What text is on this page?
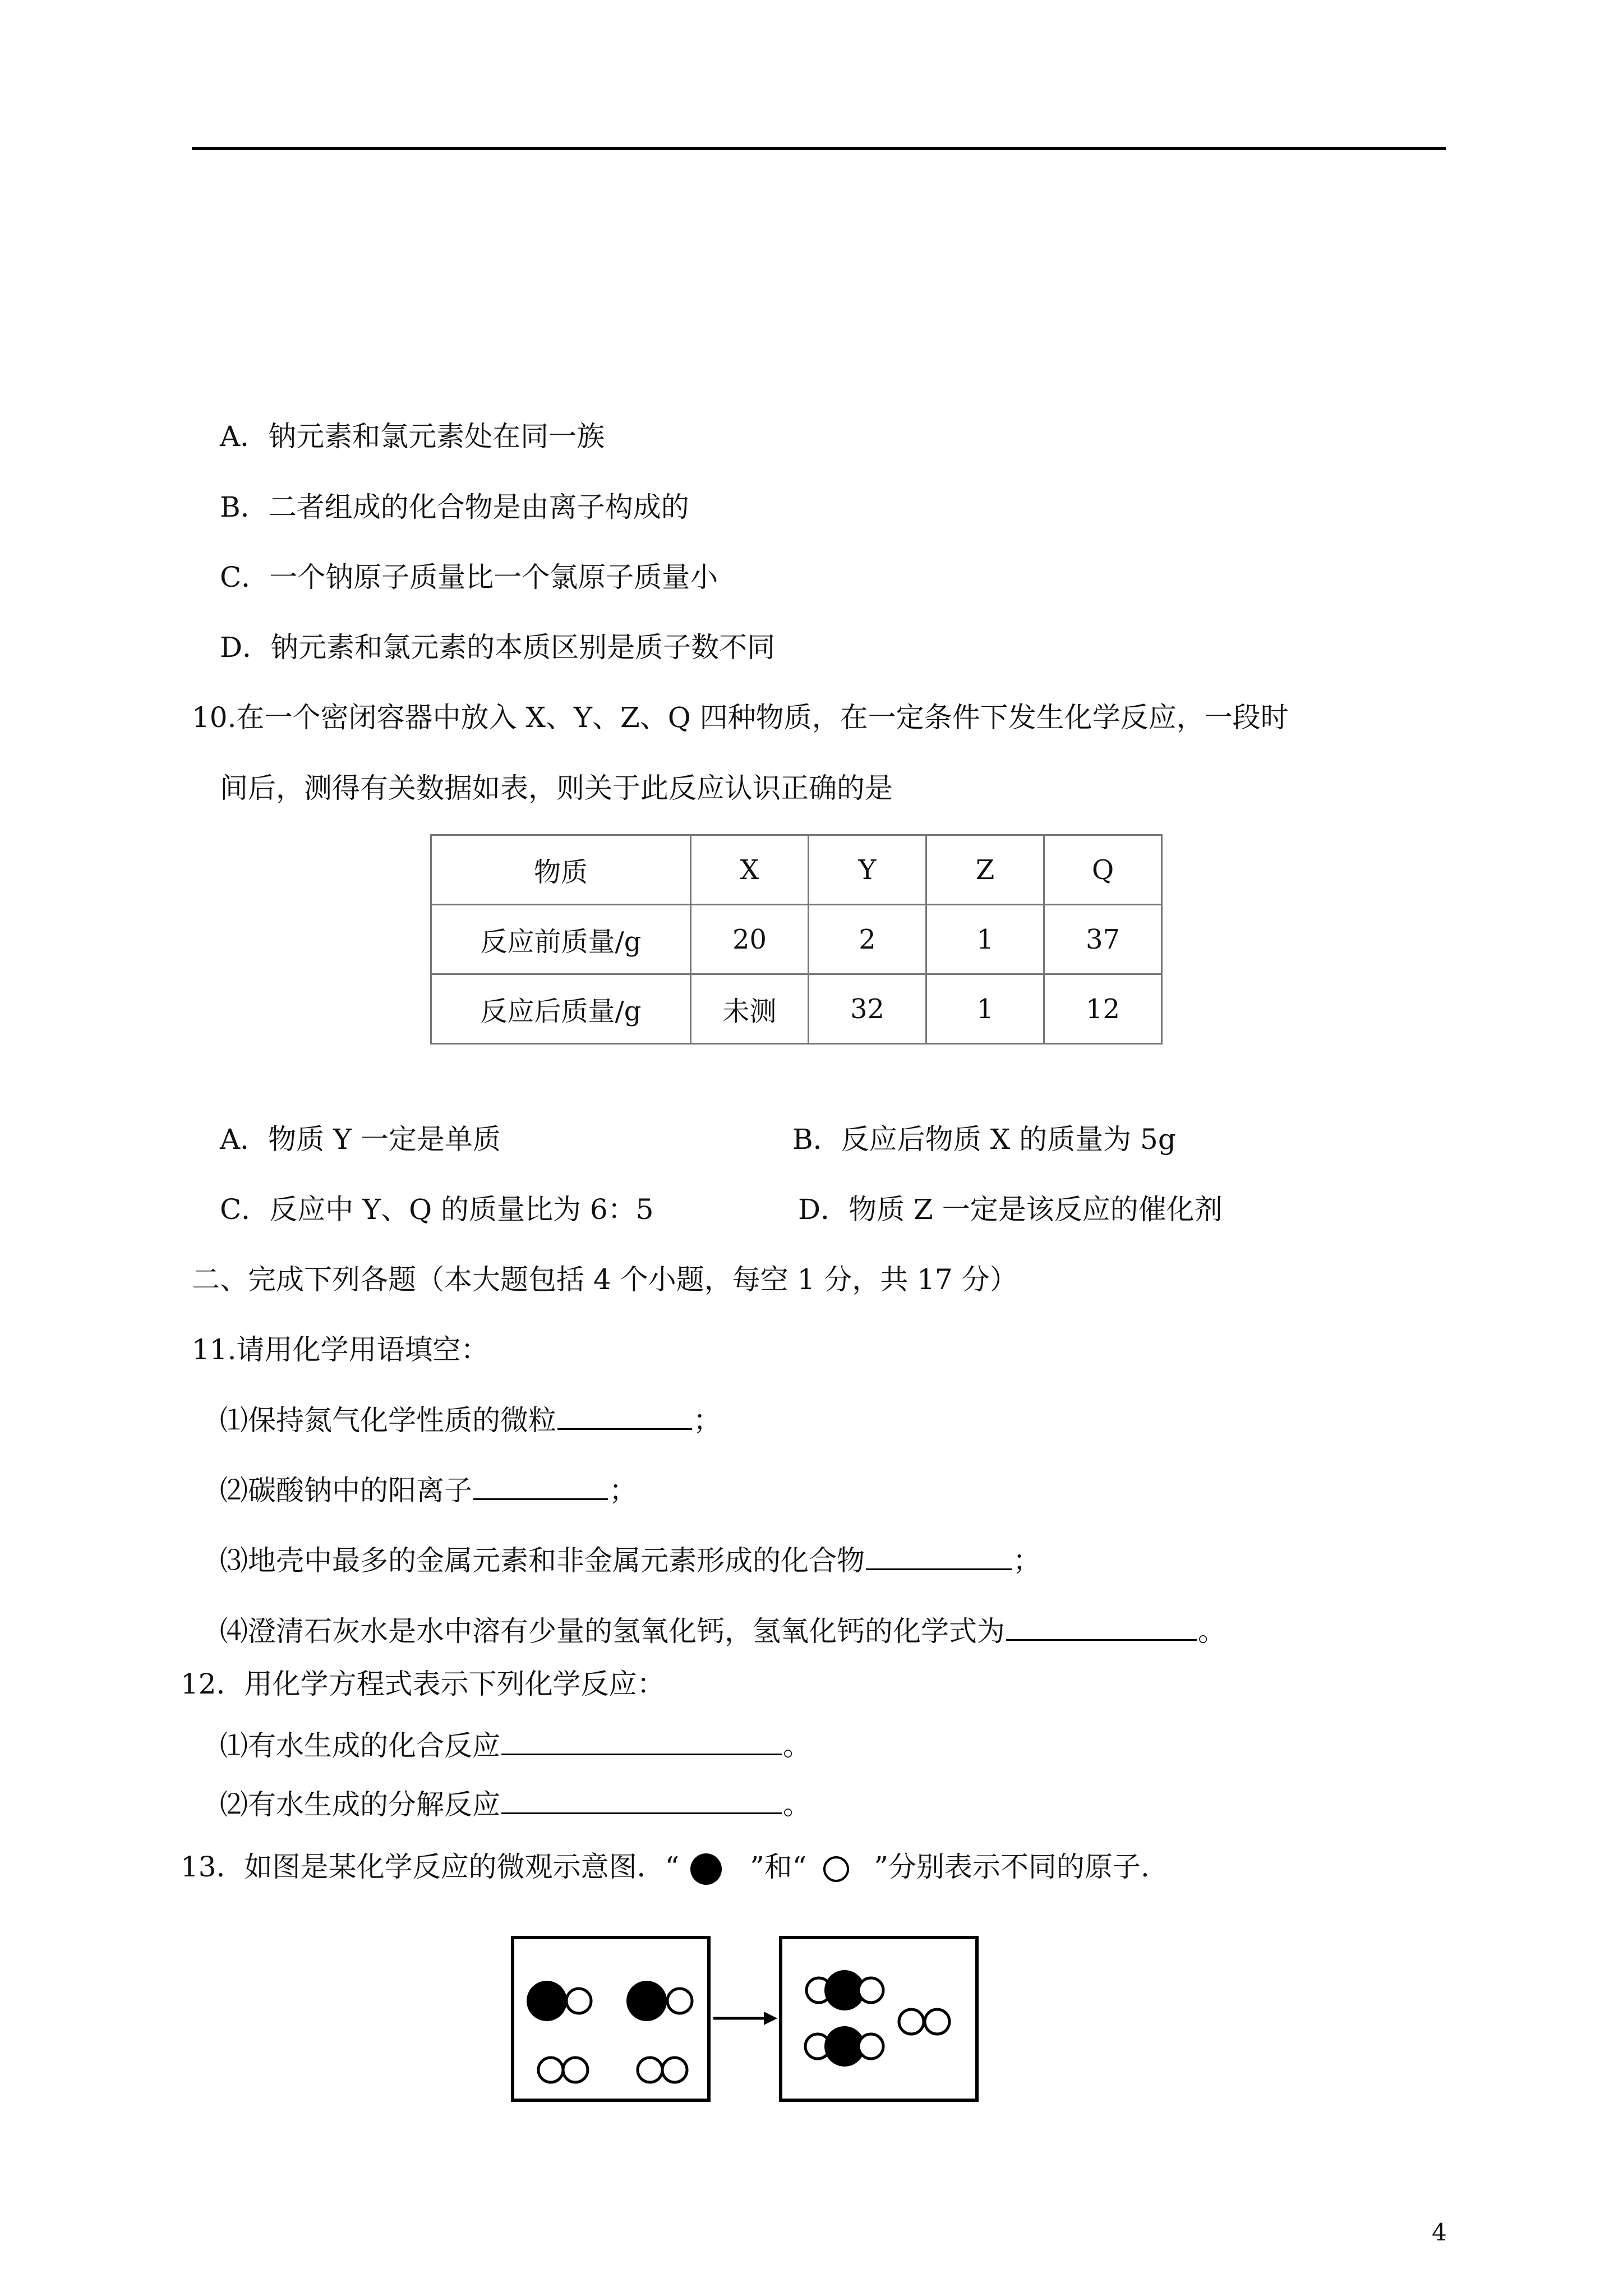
A．钠元素和氯元素处在同一族
B．二者组成的化合物是由离子构成的
C．一个钠原子质量比一个氯原子质量小
D．钠元素和氯元素的本质区别是质子数不同
10.在一个密闭容器中放入 X、Y、Z、Q 四种物质，在一定条件下发生化学反应，一段时
间后，测得有关数据如表，则关于此反应认识正确的是
物质	X	Y	Z	Q
反应前质量/g	20	2	1	37
反应后质量/g	未测	32	1	12
A．物质 Y 一定是单质	B．反应后物质 X 的质量为 5g
C．反应中 Y、Q 的质量比为 6：5	D．物质 Z 一定是该反应的催化剂
二、完成下列各题（本大题包括 4 个小题，每空 1 分，共 17 分）
11.请用化学用语填空：
⑴保持氮气化学性质的微粒	；
⑵碳酸钠中的阳离子	；
⑶地壳中最多的金属元素和非金属元素形成的化合物	；
⑷澄清石灰水是水中溶有少量的氢氧化钙，氢氧化钙的化学式为	。
12．用化学方程式表示下列化学反应：
⑴有水生成的化合反应	。
⑵有水生成的分解反应	。
13．如图是某化学反应的微观示意图．“	”和“ ”分别表示不同的原子.
4
